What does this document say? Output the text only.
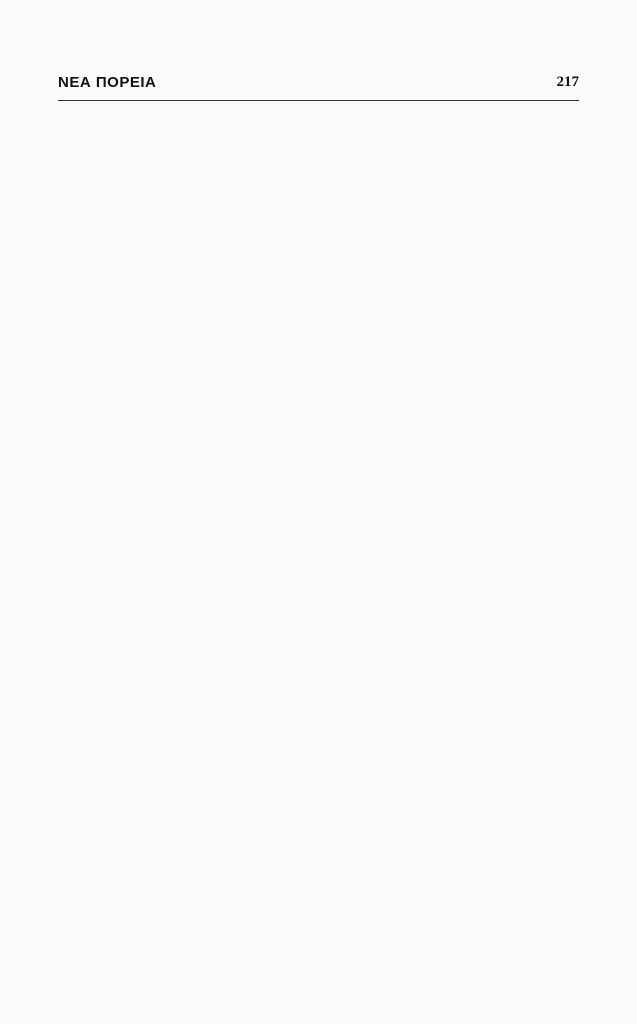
ΝΕΑ ΠΟΡΕΙΑ	217
